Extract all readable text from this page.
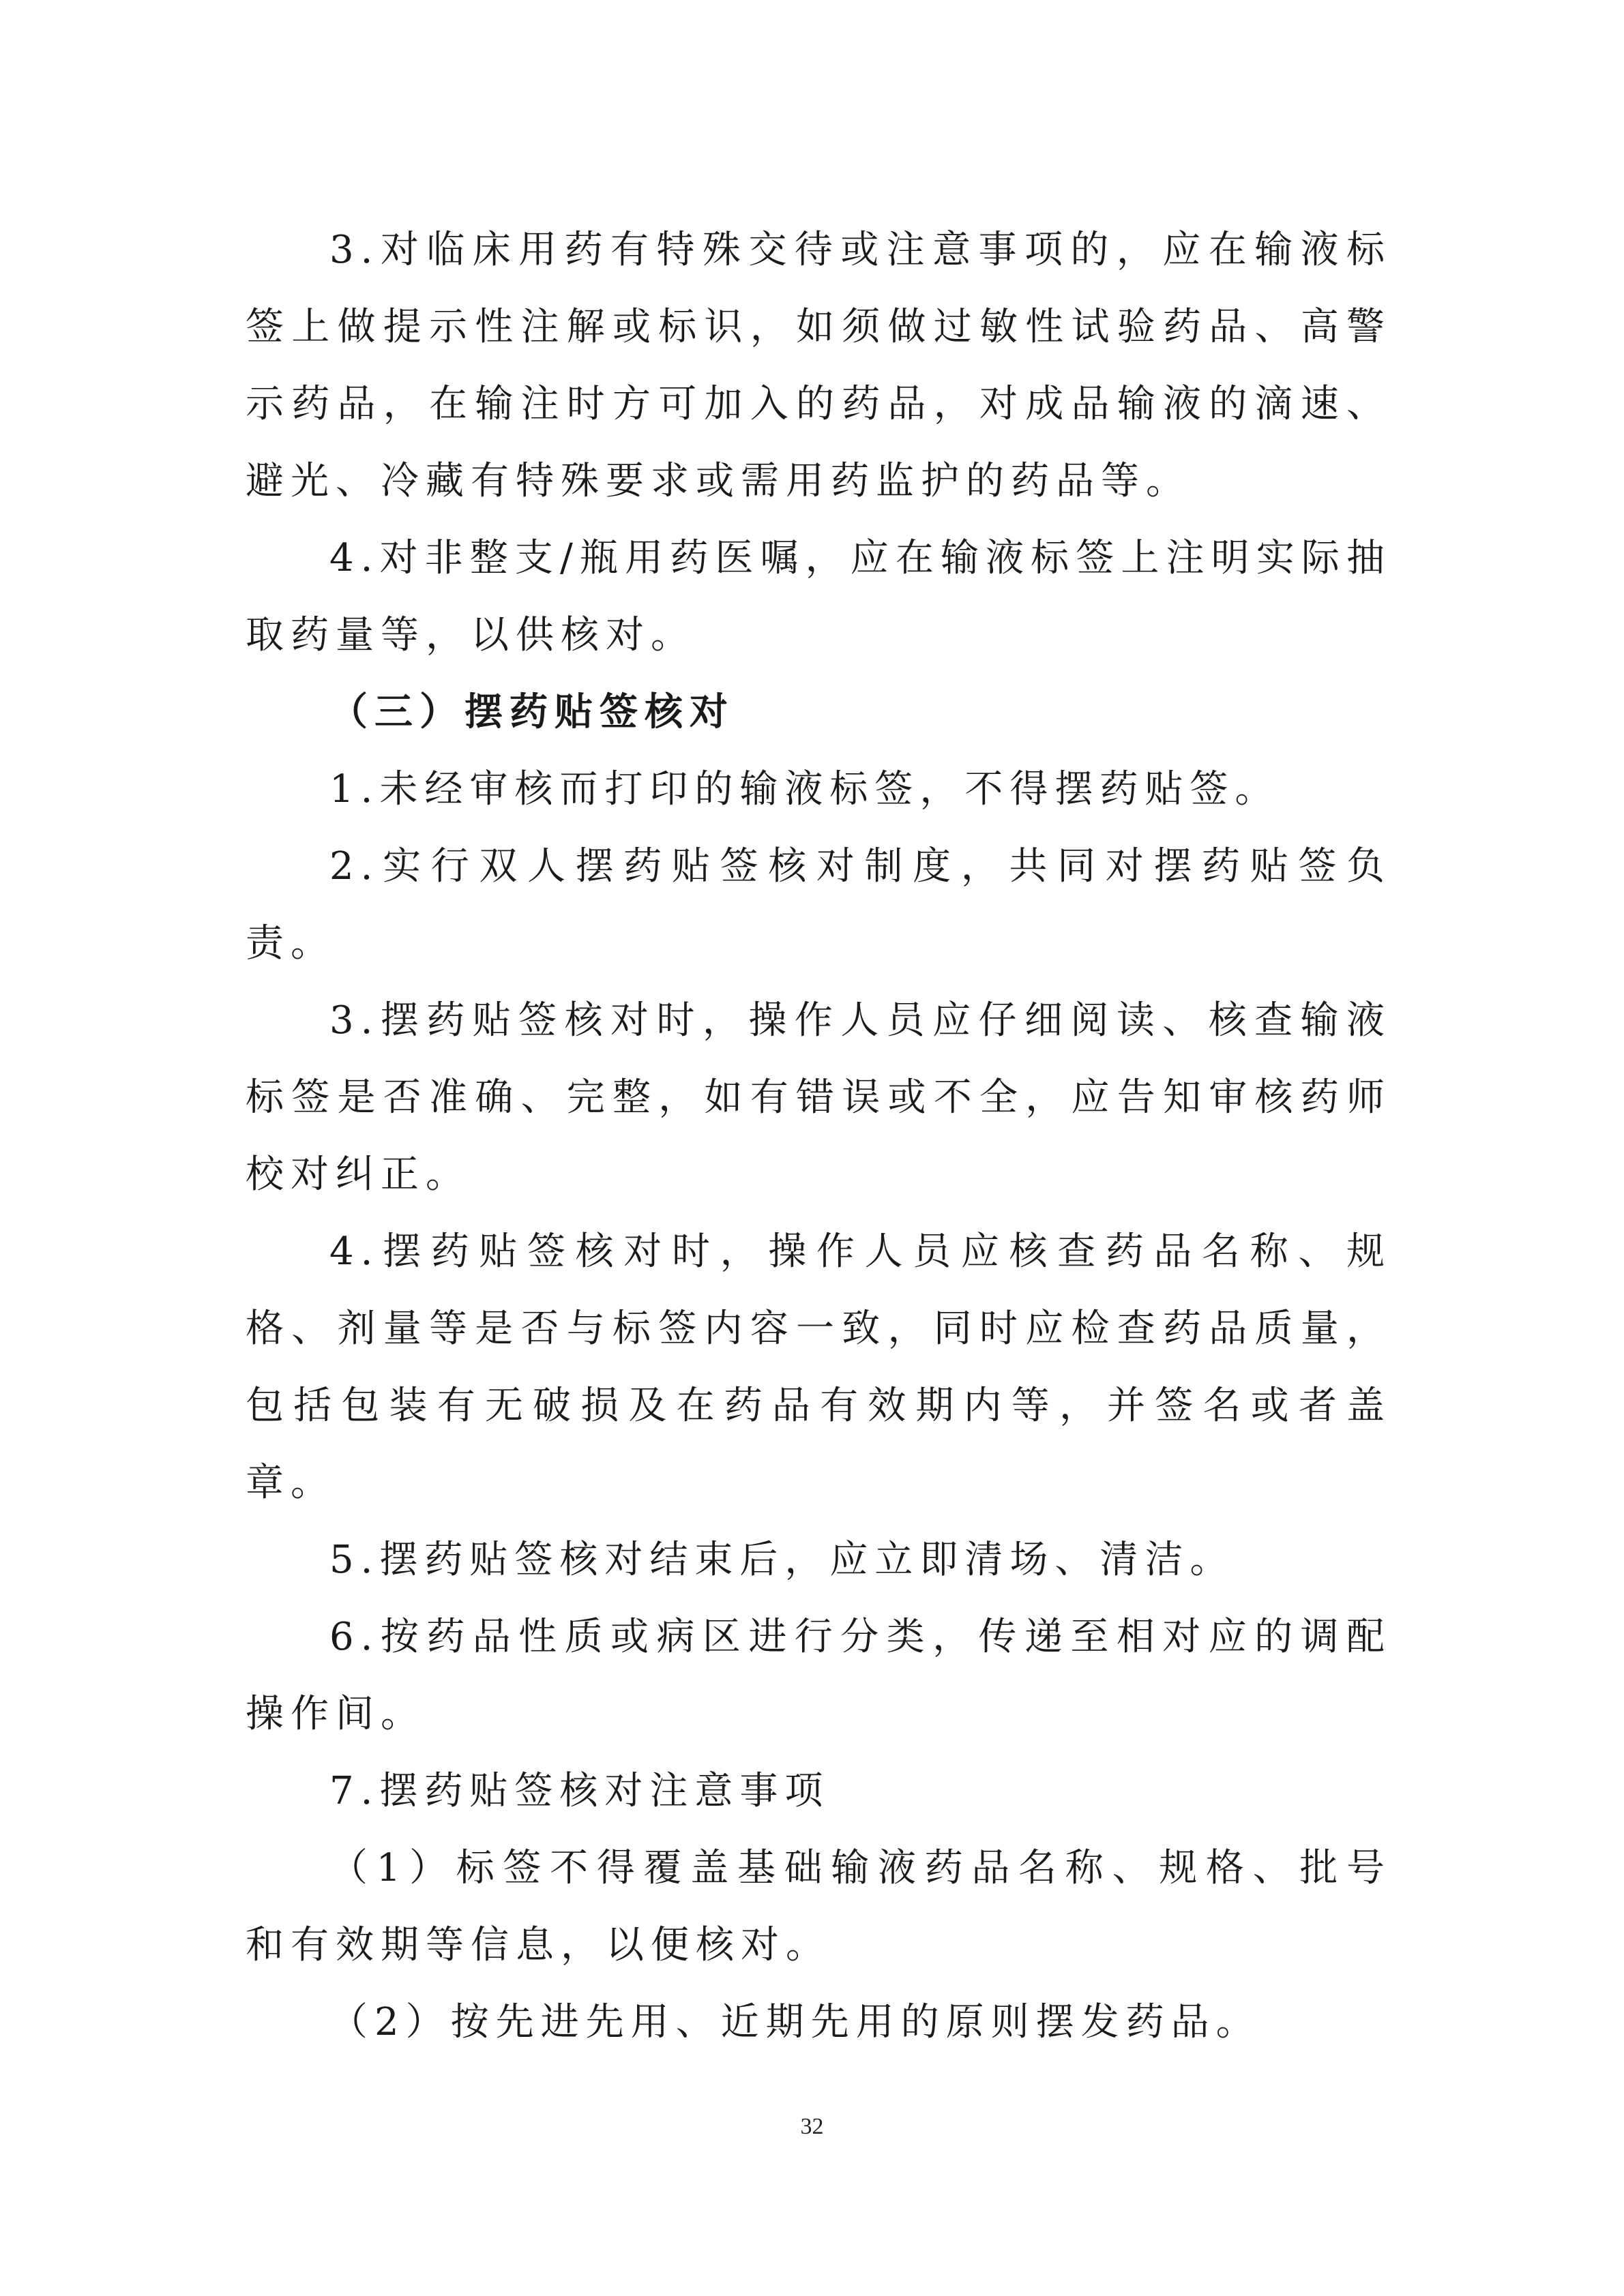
3.对临床用药有特殊交待或注意事项的，应在输液标签上做提示性注解或标识，如须做过敏性试验药品、高警示药品，在输注时方可加入的药品，对成品输液的滴速、避光、冷藏有特殊要求或需用药监护的药品等。

4.对非整支/瓶用药医嘱，应在输液标签上注明实际抽取药量等，以供核对。

（三）摆药贴签核对

1.未经审核而打印的输液标签，不得摆药贴签。

2.实行双人摆药贴签核对制度，共同对摆药贴签负责。

3.摆药贴签核对时，操作人员应仔细阅读、核查输液标签是否准确、完整，如有错误或不全，应告知审核药师校对纠正。

4.摆药贴签核对时，操作人员应核查药品名称、规格、剂量等是否与标签内容一致，同时应检查药品质量，包括包装有无破损及在药品有效期内等，并签名或者盖章。

5.摆药贴签核对结束后，应立即清场、清洁。

6.按药品性质或病区进行分类，传递至相对应的调配操作间。

7.摆药贴签核对注意事项

（1）标签不得覆盖基础输液药品名称、规格、批号和有效期等信息，以便核对。

（2）按先进先用、近期先用的原则摆发药品。

32
